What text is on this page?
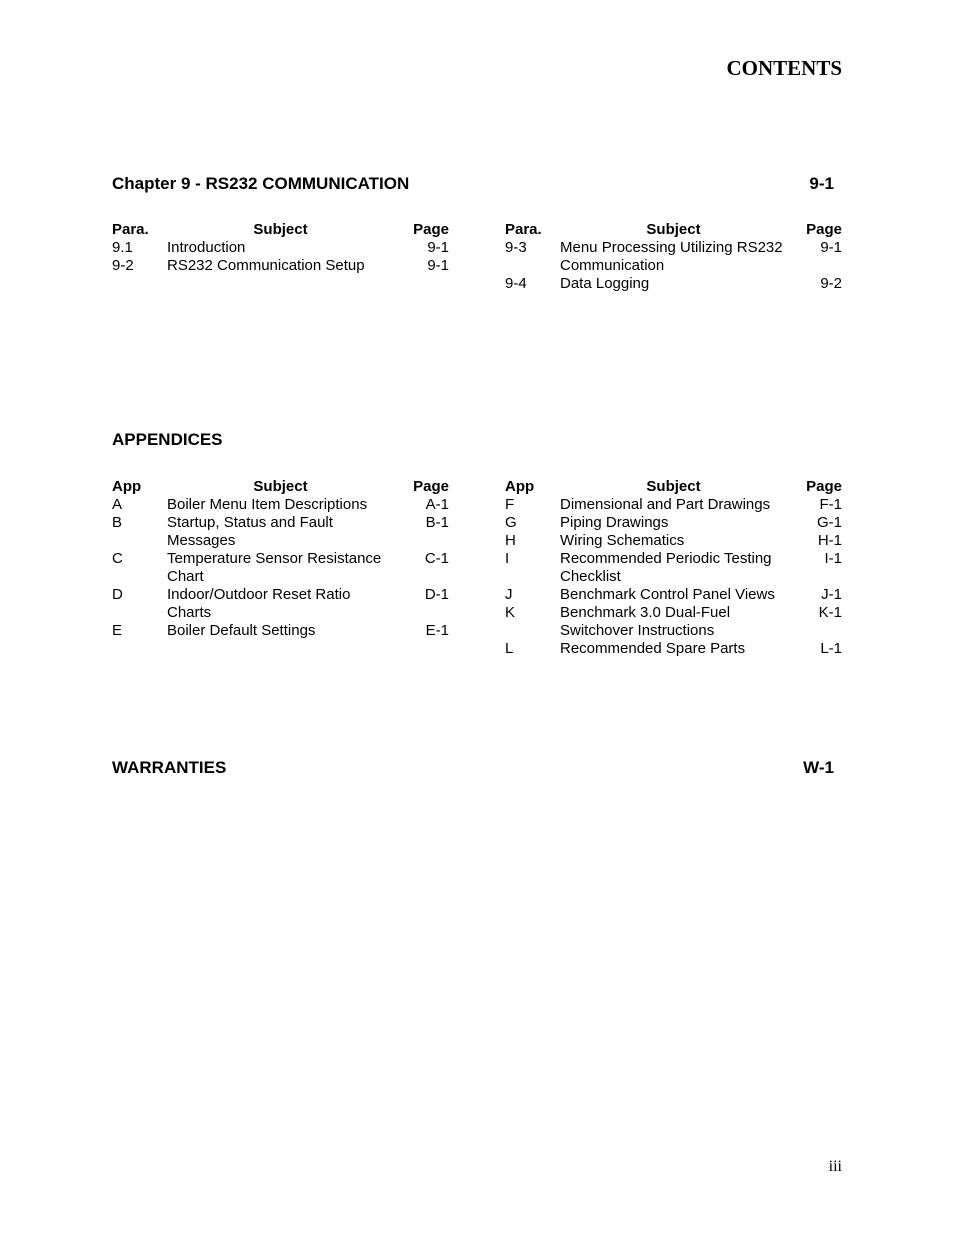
CONTENTS
Chapter 9 - RS232 COMMUNICATION	9-1
Para.	Subject	Page
9.1	Introduction	9-1
9-2	RS232 Communication Setup	9-1
Para.	Subject	Page
9-3	Menu Processing Utilizing RS232 Communication	9-1
9-4	Data Logging	9-2
APPENDICES
App	Subject	Page
A	Boiler Menu Item Descriptions	A-1
B	Startup, Status and Fault Messages	B-1
C	Temperature Sensor Resistance Chart	C-1
D	Indoor/Outdoor Reset Ratio Charts	D-1
E	Boiler Default Settings	E-1
App	Subject	Page
F	Dimensional and Part Drawings	F-1
G	Piping Drawings	G-1
H	Wiring Schematics	H-1
I	Recommended Periodic Testing Checklist	I-1
J	Benchmark Control Panel Views	J-1
K	Benchmark 3.0 Dual-Fuel Switchover Instructions	K-1
L	Recommended Spare Parts	L-1
WARRANTIES	W-1
iii
